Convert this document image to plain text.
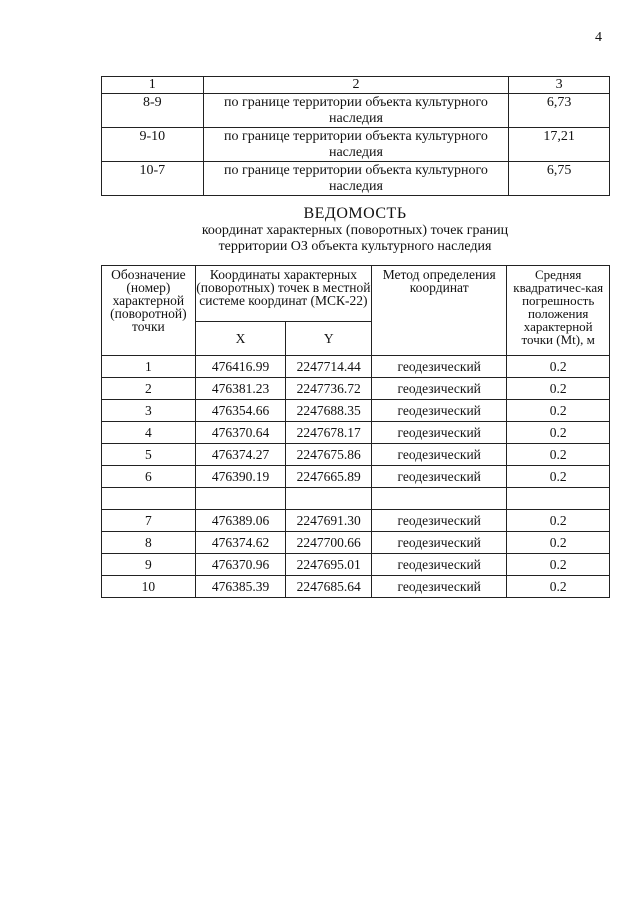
4
1	2	3
8-9	по границе территории объекта культурного наследия	6,73
9-10	по границе территории объекта культурного наследия	17,21
10-7	по границе территории объекта культурного наследия	6,75
ВЕДОМОСТЬ
координат характерных (поворотных) точек границ
территории ОЗ объекта культурного наследия
Обозначение (номер) характерной (поворотной) точки	Координаты характерных (поворотных) точек в местной системе координат (МСК-22)		Метод определения координат	Средняя квадратичес-кая погрешность положения характерной точки (Mt), м
	X	Y		
1	476416.99	2247714.44	геодезический	0.2
2	476381.23	2247736.72	геодезический	0.2
3	476354.66	2247688.35	геодезический	0.2
4	476370.64	2247678.17	геодезический	0.2
5	476374.27	2247675.86	геодезический	0.2
6	476390.19	2247665.89	геодезический	0.2

7	476389.06	2247691.30	геодезический	0.2
8	476374.62	2247700.66	геодезический	0.2
9	476370.96	2247695.01	геодезический	0.2
10	476385.39	2247685.64	геодезический	0.2
